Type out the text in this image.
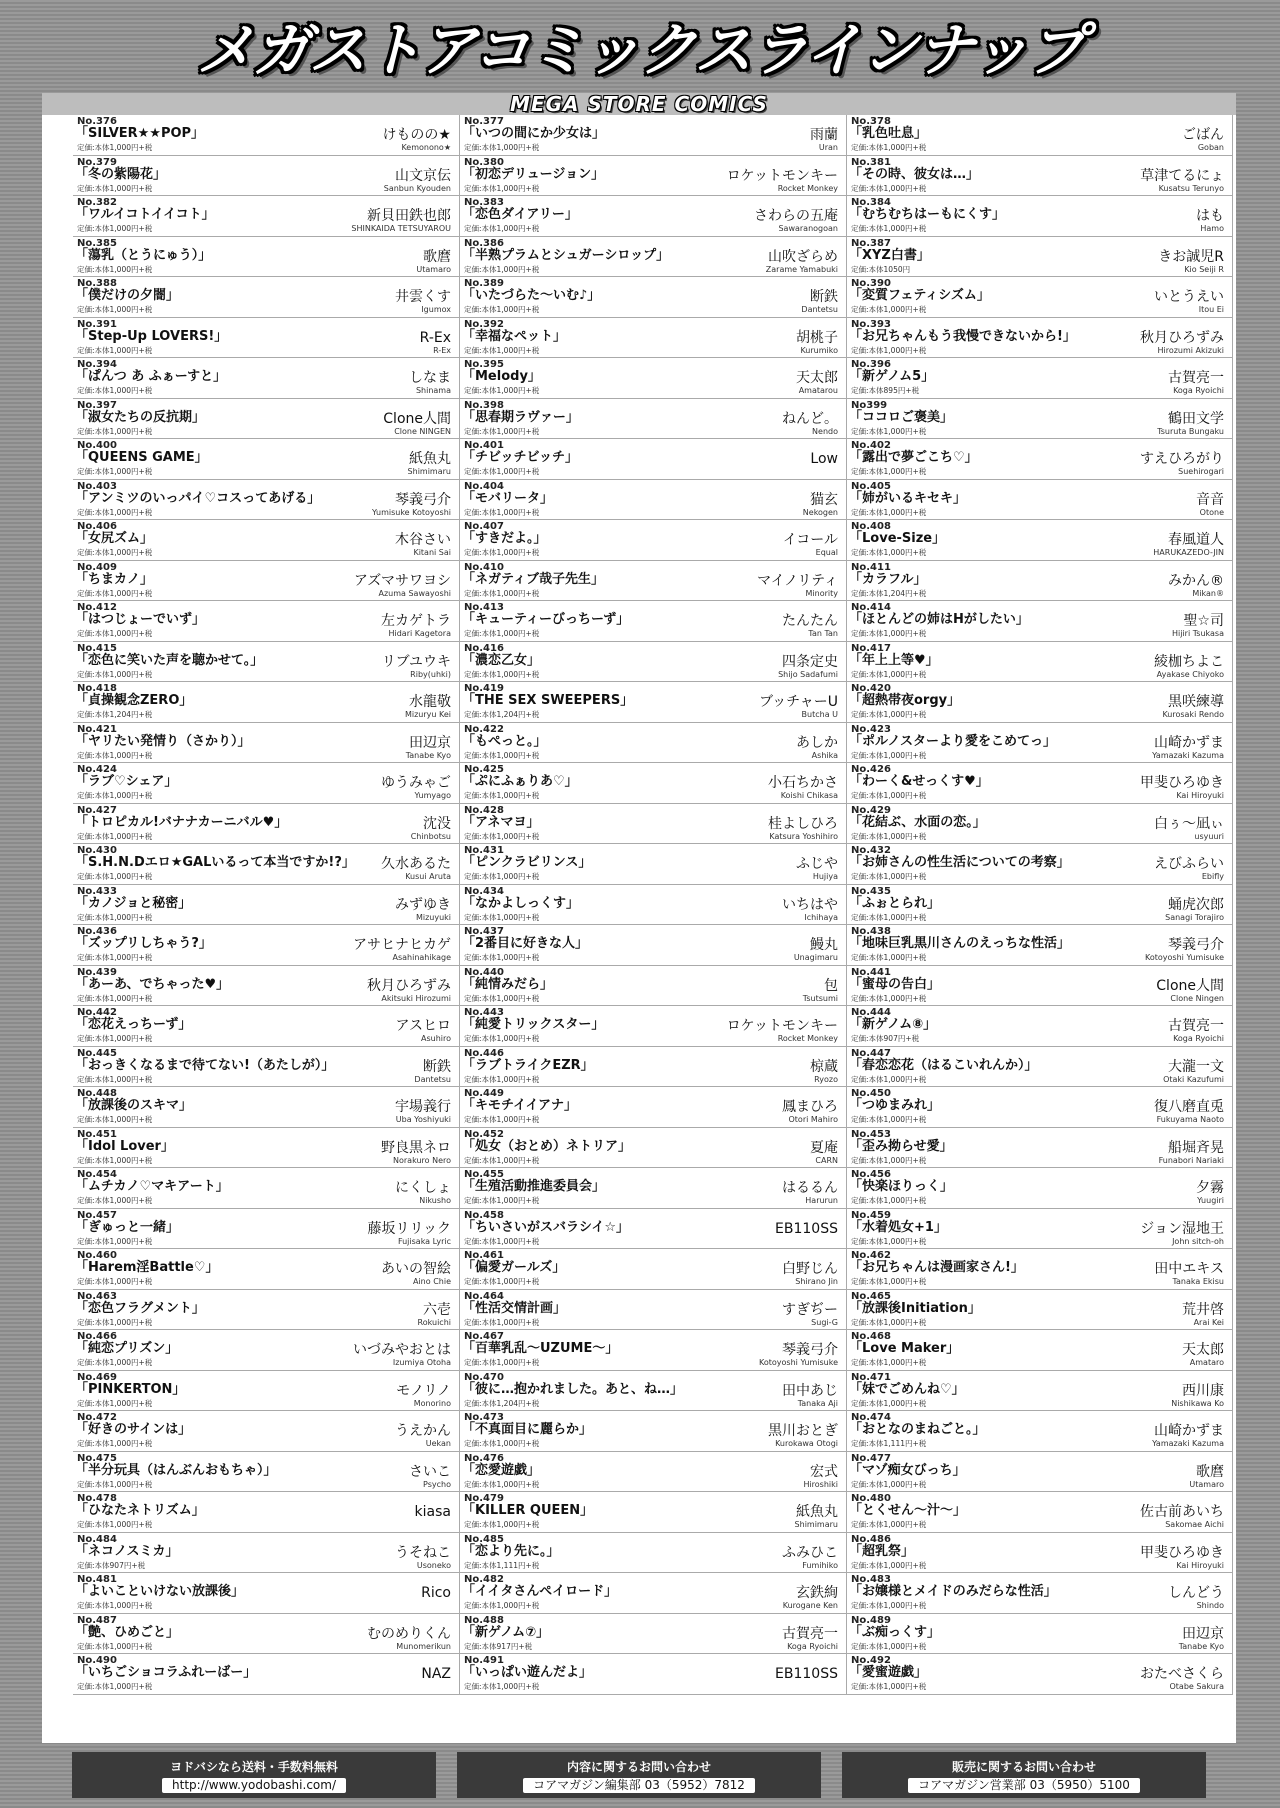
メガストアコミックスラインナップ
MEGA STORE COMICS
No.376
「SILVER★★POP」
定価:本体1,000円+税
けものの★
Kemonono★
No.377
「いつの間にか少女は」
定価:本体1,000円+税
雨蘭
Uran
No.378
「乳色吐息」
定価:本体1,000円+税
ごばん
Goban
No.379
「冬の紫陽花」
定価:本体1,000円+税
山文京伝
Sanbun Kyouden
No.380
「初恋デリュージョン」
定価:本体1,000円+税
ロケットモンキー
Rocket Monkey
No.381
「その時、彼女は…」
定価:本体1,000円+税
草津てるにょ
Kusatsu Terunyo
No.382
「ワルイコトイイコト」
定価:本体1,000円+税
新貝田鉄也郎
SHINKAIDA TETSUYAROU
No.383
「恋色ダイアリー」
定価:本体1,000円+税
さわらの五庵
Sawaranogoan
No.384
「むちむちはーもにくす」
定価:本体1,000円+税
はも
Hamo
No.385
「蕩乳（とうにゅう）」
定価:本体1,000円+税
歌麿
Utamaro
No.386
「半熟プラムとシュガーシロップ」
定価:本体1,000円+税
山吹ざらめ
Zarame Yamabuki
No.387
「XYZ白書」
定価:本体1050円
きお誠児R
Kio Seiji R
No.388
「僕だけの夕闇」
定価:本体1,000円+税
井雲くす
Igumox
No.389
「いたづらた～いむ♪」
定価:本体1,000円+税
断鉄
Dantetsu
No.390
「変質フェティシズム」
定価:本体1,000円+税
いとうえい
Itou Ei
No.391
「Step-Up LOVERS!」
定価:本体1,000円+税
R-Ex
R-Ex
No.392
「幸福なペット」
定価:本体1,000円+税
胡桃子
Kurumiko
No.393
「お兄ちゃんもう我慢できないから!」
定価:本体1,000円+税
秋月ひろずみ
Hirozumi Akizuki
No.394
「ぱんつ あ ふぁーすと」
定価:本体1,000円+税
しなま
Shinama
No.395
「Melody」
定価:本体1,000円+税
天太郎
Amatarou
No.396
「新ゲノム5」
定価:本体895円+税
古賀亮一
Koga Ryoichi
No.397
「淑女たちの反抗期」
定価:本体1,000円+税
Clone人間
Clone NINGEN
No.398
「思春期ラヴァー」
定価:本体1,000円+税
ねんど。
Nendo
No399
「ココロご褒美」
定価:本体1,000円+税
鶴田文学
Tsuruta Bungaku
No.400
「QUEENS GAME」
定価:本体1,000円+税
紙魚丸
Shimimaru
No.401
「チビッチビッチ」
定価:本体1,000円+税
Low
No.402
「露出で夢ごこち♡」
定価:本体1,000円+税
すえひろがり
Suehirogari
No.403
「アンミツのいっパイ♡コスってあげる」
定価:本体1,000円+税
琴義弓介
Yumisuke Kotoyoshi
No.404
「モバリータ」
定価:本体1,000円+税
猫玄
Nekogen
No.405
「姉がいるキセキ」
定価:本体1,000円+税
音音
Otone
No.406
「女尻ズム」
定価:本体1,000円+税
木谷さい
Kitani Sai
No.407
「すきだよ。」
定価:本体1,000円+税
イコール
Equal
No.408
「Love-Size」
定価:本体1,000円+税
春風道人
HARUKAZEDO-JIN
No.409
「ちまカノ」
定価:本体1,000円+税
アズマサワヨシ
Azuma Sawayoshi
No.410
「ネガティブ哉子先生」
定価:本体1,000円+税
マイノリティ
Minority
No.411
「カラフル」
定価:本体1,204円+税
みかん®
Mikan®
No.412
「はつじょーでいず」
定価:本体1,000円+税
左カゲトラ
Hidari Kagetora
No.413
「キューティーびっちーず」
定価:本体1,000円+税
たんたん
Tan Tan
No.414
「ほとんどの姉はHがしたい」
定価:本体1,000円+税
聖☆司
Hijiri Tsukasa
No.415
「恋色に笑いた声を聴かせて。」
定価:本体1,000円+税
リブユウキ
Riby(uhki)
No.416
「濃恋乙女」
定価:本体1,000円+税
四条定史
Shijo Sadafumi
No.417
「年上上等♥」
定価:本体1,000円+税
綾枷ちよこ
Ayakase Chiyoko
No.418
「貞操観念ZERO」
定価:本体1,204円+税
水龍敬
Mizuryu Kei
No.419
「THE SEX SWEEPERS」
定価:本体1,204円+税
ブッチャーU
Butcha U
No.420
「超熱帯夜orgy」
定価:本体1,000円+税
黒咲練導
Kurosaki Rendo
No.421
「ヤリたい発情り（さかり）」
定価:本体1,000円+税
田辺京
Tanabe Kyo
No.422
「もぺっと。」
定価:本体1,000円+税
あしか
Ashika
No.423
「ポルノスターより愛をこめてっ」
定価:本体1,000円+税
山崎かずま
Yamazaki Kazuma
No.424
「ラブ♡シェア」
定価:本体1,000円+税
ゆうみゃご
Yumyago
No.425
「ぷにふぁりあ♡」
定価:本体1,000円+税
小石ちかさ
Koishi Chikasa
No.426
「わーく&せっくす♥」
定価:本体1,000円+税
甲斐ひろゆき
Kai Hiroyuki
No.427
「トロピカル!バナナカーニバル♥」
定価:本体1,000円+税
沈没
Chinbotsu
No.428
「アネマヨ」
定価:本体1,000円+税
桂よしひろ
Katsura Yoshihiro
No.429
「花結ぶ、水面の恋。」
定価:本体1,000円+税
白ぅ～凪ぃ
usyuuri
No.430
「S.H.N.Dエロ★GALいるって本当ですか!?」
定価:本体1,000円+税
久水あるた
Kusui Aruta
No.431
「ピンクラビリンス」
定価:本体1,000円+税
ふじや
Hujiya
No.432
「お姉さんの性生活についての考察」
定価:本体1,000円+税
えびふらい
Ebifly
No.433
「カノジョと秘密」
定価:本体1,000円+税
みずゆき
Mizuyuki
No.434
「なかよしっくす」
定価:本体1,000円+税
いちはや
Ichihaya
No.435
「ふぉとられ」
定価:本体1,000円+税
蛹虎次郎
Sanagi Torajiro
No.436
「ズップリしちゃう?」
定価:本体1,000円+税
アサヒナヒカゲ
Asahinahikage
No.437
「2番目に好きな人」
定価:本体1,000円+税
鰻丸
Unagimaru
No.438
「地味巨乳黒川さんのえっちな性活」
定価:本体1,000円+税
琴義弓介
Kotoyoshi Yumisuke
No.439
「あーあ、でちゃった♥」
定価:本体1,000円+税
秋月ひろずみ
Akitsuki Hirozumi
No.440
「純情みだら」
定価:本体1,000円+税
包
Tsutsumi
No.441
「蜜母の告白」
定価:本体1,000円+税
Clone人間
Clone Ningen
No.442
「恋花えっちーず」
定価:本体1,000円+税
アスヒロ
Asuhiro
No.443
「純愛トリックスター」
定価:本体1,000円+税
ロケットモンキー
Rocket Monkey
No.444
「新ゲノム⑧」
定価:本体907円+税
古賀亮一
Koga Ryoichi
No.445
「おっきくなるまで待てない!（あたしが）」
定価:本体1,000円+税
断鉄
Dantetsu
No.446
「ラブトライクEZR」
定価:本体1,000円+税
椋蔵
Ryozo
No.447
「春恋恋花（はるこいれんか）」
定価:本体1,000円+税
大瀧一文
Otaki Kazufumi
No.448
「放課後のスキマ」
定価:本体1,000円+税
宇場義行
Uba Yoshiyuki
No.449
「キモチイイアナ」
定価:本体1,000円+税
鳳まひろ
Otori Mahiro
No.450
「つゆまみれ」
定価:本体1,000円+税
復八磨直兎
Fukuyama Naoto
No.451
「Idol Lover」
定価:本体1,000円+税
野良黒ネロ
Norakuro Nero
No.452
「処女（おとめ）ネトリア」
定価:本体1,000円+税
夏庵
CARN
No.453
「歪み拗らせ愛」
定価:本体1,000円+税
船堀斉晃
Funabori Nariaki
No.454
「ムチカノ♡マキアート」
定価:本体1,000円+税
にくしょ
Nikusho
No.455
「生殖活動推進委員会」
定価:本体1,000円+税
はるるん
Harurun
No.456
「快楽ほりっく」
定価:本体1,000円+税
夕霧
Yuugiri
No.457
「ぎゅっと一緒」
定価:本体1,000円+税
藤坂リリック
Fujisaka Lyric
No.458
「ちいさいがスバラシイ☆」
定価:本体1,000円+税
EB110SS
No.459
「水着処女+1」
定価:本体1,000円+税
ジョン湿地王
John sitch-oh
No.460
「Harem淫Battle♡」
定価:本体1,000円+税
あいの智絵
Aino Chie
No.461
「偏愛ガールズ」
定価:本体1,000円+税
白野じん
Shirano Jin
No.462
「お兄ちゃんは漫画家さん!」
定価:本体1,000円+税
田中エキス
Tanaka Ekisu
No.463
「恋色フラグメント」
定価:本体1,000円+税
六壱
Rokuichi
No.464
「性活交情計画」
定価:本体1,000円+税
すぎぢー
Sugi-G
No.465
「放課後Initiation」
定価:本体1,000円+税
荒井啓
Arai Kei
No.466
「純恋プリズン」
定価:本体1,000円+税
いづみやおとは
Izumiya Otoha
No.467
「百華乳乱～UZUME～」
定価:本体1,000円+税
琴義弓介
Kotoyoshi Yumisuke
No.468
「Love Maker」
定価:本体1,000円+税
天太郎
Amataro
No.469
「PINKERTON」
定価:本体1,000円+税
モノリノ
Monorino
No.470
「彼に…抱かれました。あと、ね…」
定価:本体1,204円+税
田中あじ
Tanaka Aji
No.471
「妹でごめんね♡」
定価:本体1,000円+税
西川康
Nishikawa Ko
No.472
「好きのサインは」
定価:本体1,000円+税
うえかん
Uekan
No.473
「不真面目に麗らか」
定価:本体1,000円+税
黒川おとぎ
Kurokawa Otogi
No.474
「おとなのまねごと。」
定価:本体1,111円+税
山崎かずま
Yamazaki Kazuma
No.475
「半分玩具（はんぶんおもちゃ）」
定価:本体1,000円+税
さいこ
Psycho
No.476
「恋愛遊戯」
定価:本体1,000円+税
宏式
Hiroshiki
No.477
「マゾ痴女びっち」
定価:本体1,000円+税
歌麿
Utamaro
No.478
「ひなたネトリズム」
定価:本体1,000円+税
kiasa
No.479
「KILLER QUEEN」
定価:本体1,000円+税
紙魚丸
Shimimaru
No.480
「とくせん～汁～」
定価:本体1,000円+税
佐古前あいち
Sakomae Aichi
No.484
「ネコノスミカ」
定価:本体907円+税
うそねこ
Usoneko
No.485
「恋より先に。」
定価:本体1,111円+税
ふみひこ
Fumihiko
No.486
「超乳祭」
定価:本体1,000円+税
甲斐ひろゆき
Kai Hiroyuki
No.481
「よいこといけない放課後」
定価:本体1,000円+税
Rico
No.482
「イイタさんペイロード」
定価:本体1,000円+税
玄鉄絢
Kurogane Ken
No.483
「お嬢様とメイドのみだらな性活」
定価:本体1,000円+税
しんどう
Shindo
No.487
「艶、ひめごと」
定価:本体1,000円+税
むのめりくん
Munomerikun
No.488
「新ゲノム⑦」
定価:本体917円+税
古賀亮一
Koga Ryoichi
No.489
「ぶ痴っくす」
定価:本体1,000円+税
田辺京
Tanabe Kyo
No.490
「いちごショコラふれーばー」
定価:本体1,000円+税
NAZ
No.491
「いっぱい遊んだよ」
定価:本体1,000円+税
EB110SS
No.492
「愛蜜遊戯」
定価:本体1,000円+税
おたべさくら
Otabe Sakura
ヨドバシなら送料・手数料無料
http://www.yodobashi.com/
内容に関するお問い合わせ
コアマガジン編集部 03（5952）7812
販売に関するお問い合わせ
コアマガジン営業部 03（5950）5100
